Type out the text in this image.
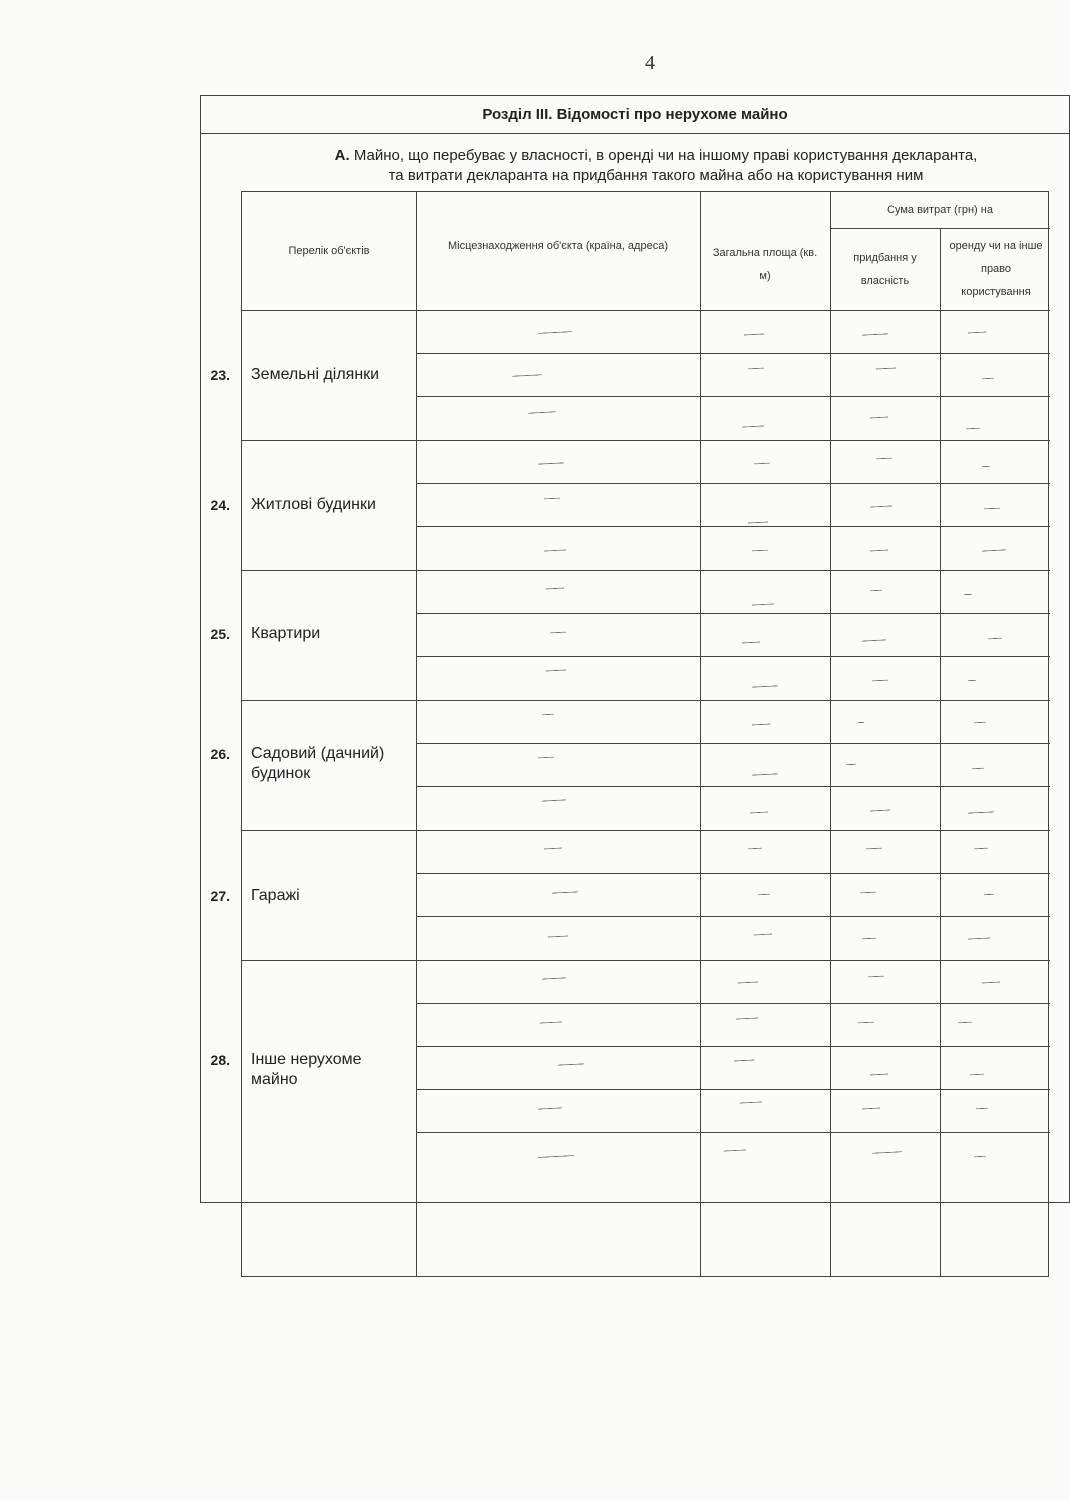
4
Розділ III. Відомості про нерухоме майно
А. Майно, що перебуває у власності, в оренді чи на іншому праві користування декларанта,
та витрати декларанта на придбання такого майна або на користування ним
Перелік об'єктів	Місцезнаходження об'єкта (країна, адреса)
Загальна площа (кв. м)
Сума витрат (грн) на
придбання у власність
оренду чи на інше право користування
23. Земельні ділянки
24. Житлові будинки
25. Квартири
26. Садовий (дачний) будинок
27. Гаражі
28. Інше нерухоме майно
